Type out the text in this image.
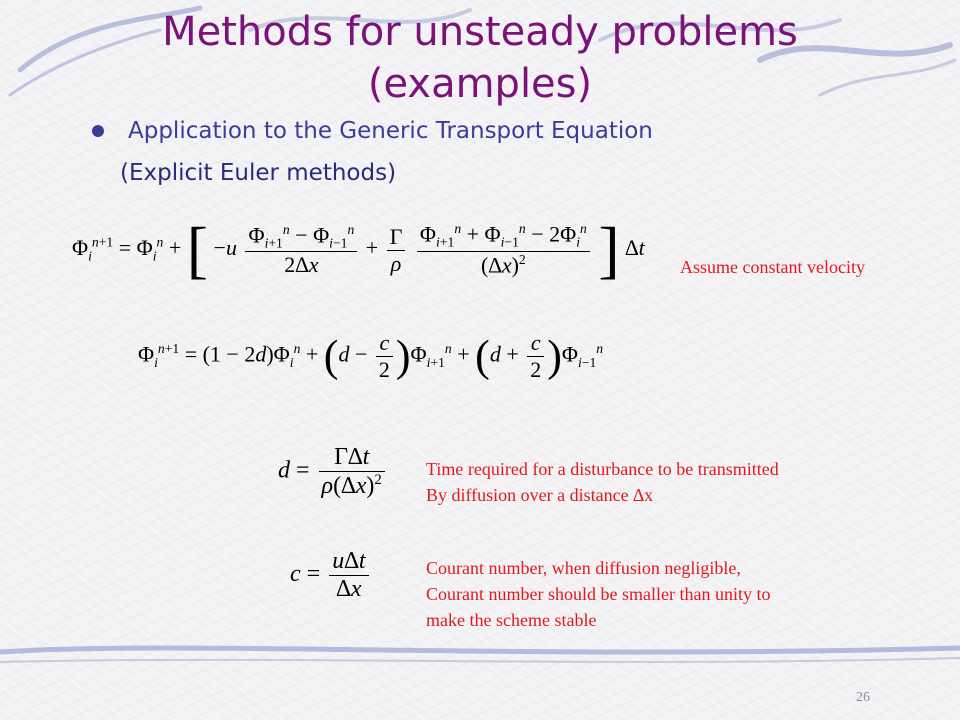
Methods for unsteady problems
(examples)
Application to the Generic Transport Equation
(Explicit Euler methods)
$\Phi_i^{n+1} = \Phi_i^n$ + [ $-u \frac{\Phi_{i+1}^n - \Phi_{i-1}^n}{2\Delta x} + \frac{\Gamma}{\rho}$
$\frac{\Phi_{i+1}^n + \Phi_{i-1}^n - 2\Phi_i^n}{(\Delta x)^2}$ ] ∆t
Assume constant velocity
$\Phi_i^{n+1} = (1 - 2d)\Phi_i^n + (d - \frac{c}{2} )\Phi_{i+1}^n + (d + \frac{c}{2} )\Phi_{i-1}^n$
$d = \frac{\Gamma\Delta t}{\rho(\Delta x)^2}$ Time required for a disturbance to be transmitted
By diffusion over a distance ∆x
$c = \frac{u\Delta t}{\Delta x}$	Courant number, when diffusion negligible,
Courant number should be smaller than unity to
make the scheme stable
26
